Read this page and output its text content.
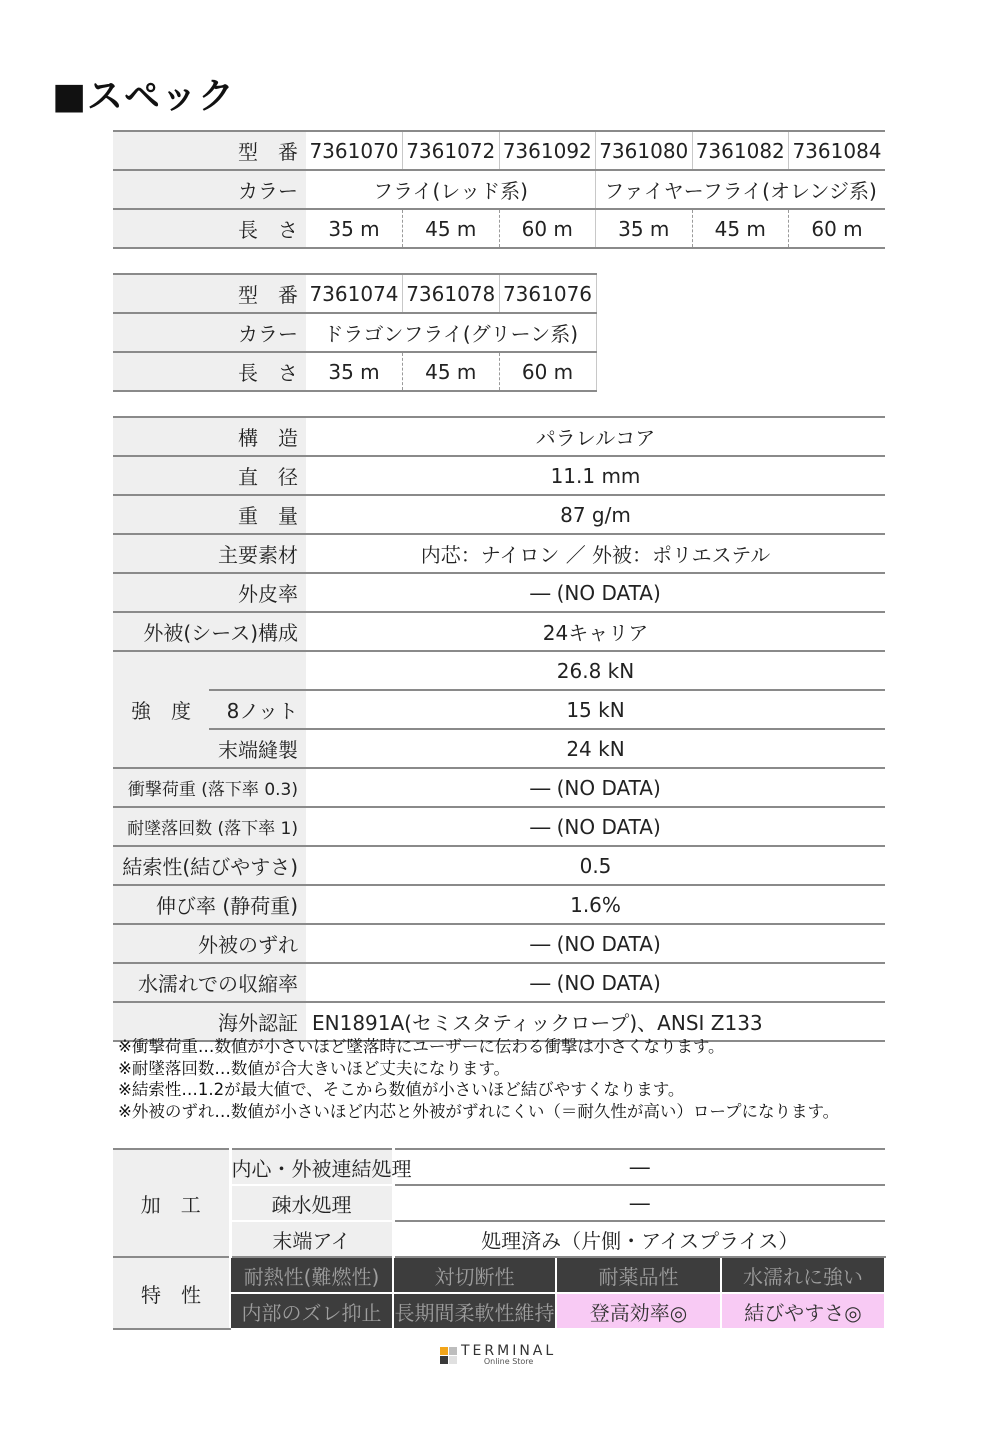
■スペック
型　番	7361070	7361072	7361092	7361080	7361082	7361084
カラー	フライ(レッド系)			ファイヤーフライ(オレンジ系)		
長　さ	35 m	45 m	60 m	35 m	45 m	60 m
型　番	7361074	7361078	7361076
カラー	ドラゴンフライ(グリーン系)		
長　さ	35 m	45 m	60 m
構　造		パラレルコア
直　径		11.1 mm
重　量		87 g/m
主要素材		内芯：ナイロン ／ 外被：ポリエステル
外皮率		― (NO DATA)
外被(シース)構成		24キャリア
強　度		26.8 kN
	8ノット	15 kN
	末端縫製	24 kN
衝撃荷重 (落下率 0.3)		― (NO DATA)
耐墜落回数 (落下率 1)		― (NO DATA)
結索性(結びやすさ)		0.5
伸び率 (静荷重)		1.6%
外被のずれ		― (NO DATA)
水濡れでの収縮率		― (NO DATA)
海外認証		EN1891A(セミスタティックロープ)、ANSI Z133
※衝撃荷重…数値が小さいほど墜落時にユーザーに伝わる衝撃は小さくなります。
※耐墜落回数…数値が合大きいほど丈夫になります。
※結索性…1.2が最大値で、そこから数値が小さいほど結びやすくなります。
※外被のずれ…数値が小さいほど内芯と外被がずれにくい（＝耐久性が高い）ロープになります。
加　工	内心・外被連結処理	―		
	疎水処理	―		
	末端アイ	処理済み（片側・アイスプライス）		
特　性	耐熱性(難燃性)	対切断性	耐薬品性	水濡れに強い
	内部のズレ抑止	長期間柔軟性維持	登高効率◎	結びやすさ◎
TERMINAL
Online Store
